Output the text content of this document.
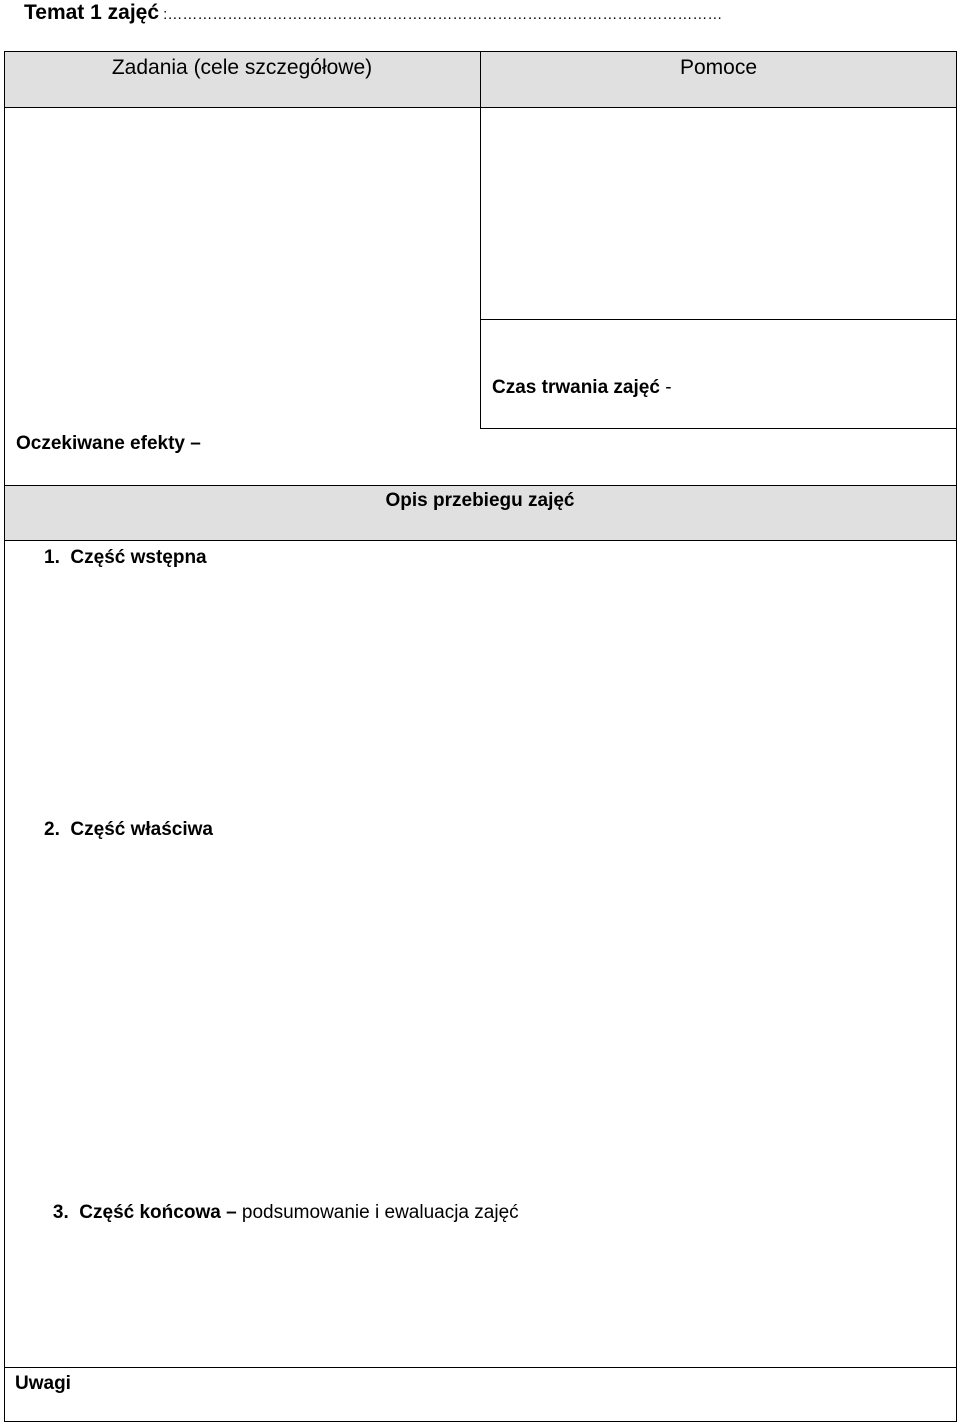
Temat 1 zajęć :…………………………………………………………………………………………………
Zadania (cele szczegółowe)	Pomoce
Czas trwania zajęć -
Oczekiwane efekty –
Opis przebiegu zajęć
1.  Część wstępna
2.  Część właściwa

3.  Część końcowa – podsumowanie i ewaluacja zajęć

Uwagi
